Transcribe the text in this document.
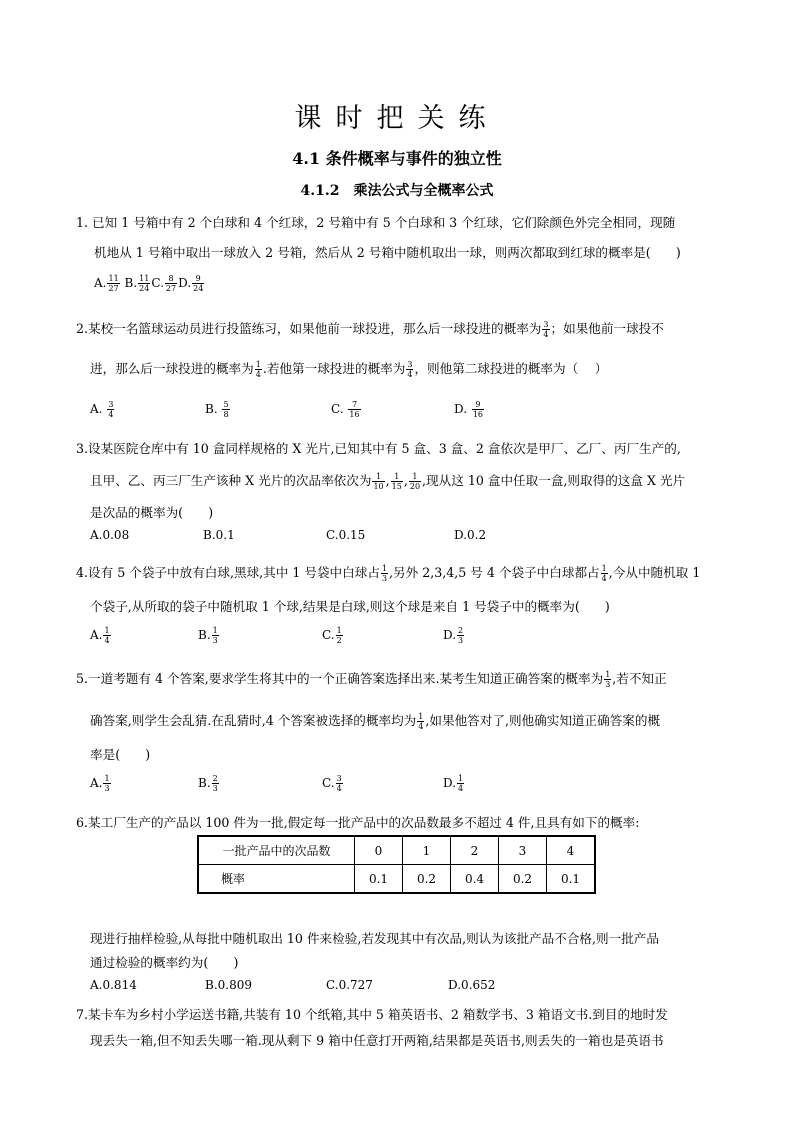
课时把关练
4.1 条件概率与事件的独立性
4.1.2　乘法公式与全概率公式
1. 已知 1 号箱中有 2 个白球和 4 个红球，2 号箱中有 5 个白球和 3 个红球，它们除颜色外完全相同，现随
机地从 1 号箱中取出一球放入 2 号箱，然后从 2 号箱中随机取出一球，则两次都取到红球的概率是(　　)
A. $\frac{11}{27} B$. $\frac{11}{24} C$. $\frac{8}{27} D$. $\frac{9}{24}$
2.某校一名篮球运动员进行投篮练习，如果他前一球投进，那么后一球投进的概率为 $\frac{3}{4}$ ；如果他前一球投不
进，那么后一球投进的概率为 $\frac{1}{4}$ .若他第一球投进的概率为 $\frac{3}{4}$ ，则他第二球投进的概率为（　 ）
A. $\frac{3}{4}$	B. $\frac{5}{8}$	C. $\frac{7}{16}$	D. $\frac{9}{16}$
3.设某医院仓库中有 10 盒同样规格的 X 光片,已知其中有 5 盒、3 盒、2 盒依次是甲厂、乙厂、丙厂生产的,
且甲、乙、丙三厂生产该种 X 光片的次品率依次为 $\frac{1}{10}$ , $\frac{1}{15}$ , $\frac{1}{20}$ ,现从这 10 盒中任取一盒,则取得的这盒 X 光片
是次品的概率为(　　)
A.0.08	B.0.1	C.0.15	D.0.2
4.设有 5 个袋子中放有白球,黑球,其中 1 号袋中白球占 $\frac{1}{3}$ ,另外 2,3,4,5 号 4 个袋子中白球都占 $\frac{1}{4}$ ,今从中随机取 1
个袋子,从所取的袋子中随机取 1 个球,结果是白球,则这个球是来自 1 号袋子中的概率为(　　)
A. $\frac{1}{4}$	B. $\frac{1}{3}$	C. $\frac{1}{2}$	D. $\frac{2}{3}$
5.一道考题有 4 个答案,要求学生将其中的一个正确答案选择出来.某考生知道正确答案的概率为 $\frac{1}{3}$ ,若不知正
确答案,则学生会乱猜.在乱猜时,4 个答案被选择的概率均为 $\frac{1}{4}$ ,如果他答对了,则他确实知道正确答案的概
率是(　　)
A. $\frac{1}{3}$	B. $\frac{2}{3}$	C. $\frac{3}{4}$	D. $\frac{1}{4}$
6.某工厂生产的产品以 100 件为一批,假定每一批产品中的次品数最多不超过 4 件,且具有如下的概率:
一批产品中的次品数	0	1	2	3	4
概率	0.1	0.2	0.4	0.2	0.1
现进行抽样检验,从每批中随机取出 10 件来检验,若发现其中有次品,则认为该批产品不合格,则一批产品
通过检验的概率约为(　　)
A.0.814	B.0.809	C.0.727	D.0.652
7.某卡车为乡村小学运送书籍,共装有 10 个纸箱,其中 5 箱英语书、2 箱数学书、3 箱语文书.到目的地时发
现丢失一箱,但不知丢失哪一箱.现从剩下 9 箱中任意打开两箱,结果都是英语书,则丢失的一箱也是英语书
